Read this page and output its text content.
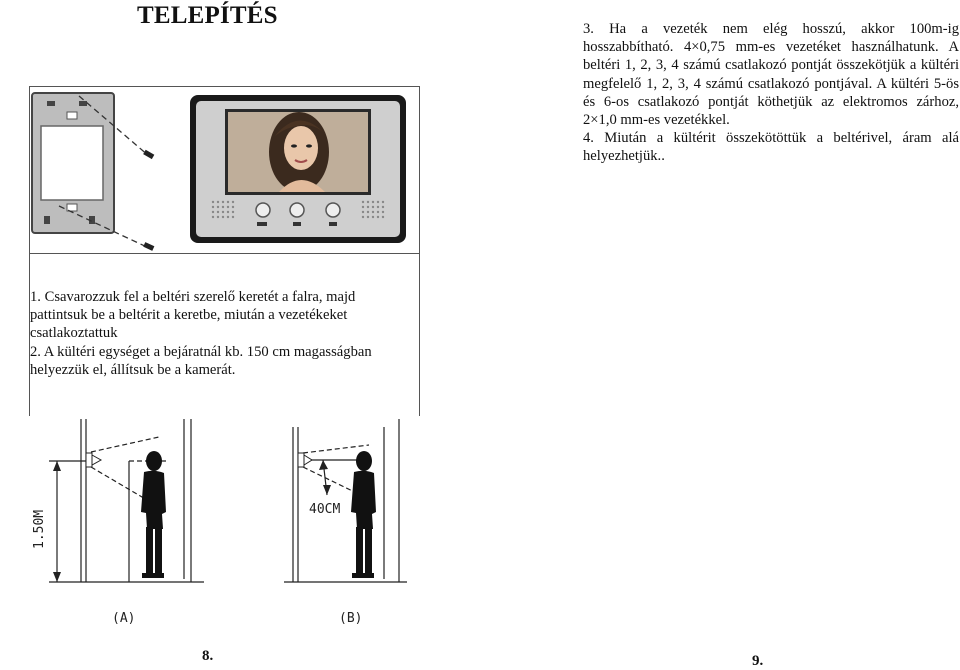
TELEPÍTÉS

1. Csavarozzuk fel a beltéri szerelő keretét a falra, majd pattintsuk be a beltérit a keretbe, miután a vezetékeket csatlakoztattuk

2. A kültéri egységet a bejáratnál kb. 150 cm magasságban helyezzük el, állítsuk be a kamerát.

3. Ha a vezeték nem elég hosszú, akkor 100m-ig hosszabbítható. 4×0,75 mm-es vezetéket használhatunk. A beltéri 1, 2, 3, 4 számú csatlakozó pontját összekötjük a kültéri megfelelő 1, 2, 3, 4 számú csatlakozó pontjával. A kültéri 5-ös és 6-os csatlakozó pontját köthetjük az elektromos zárhoz, 2×1,0 mm-es vezetékkel.

4. Miután a kültérit összekötöttük a beltérivel, áram alá helyezhetjük..

1.50M
(A)
40CM
(B)
8.	9.
